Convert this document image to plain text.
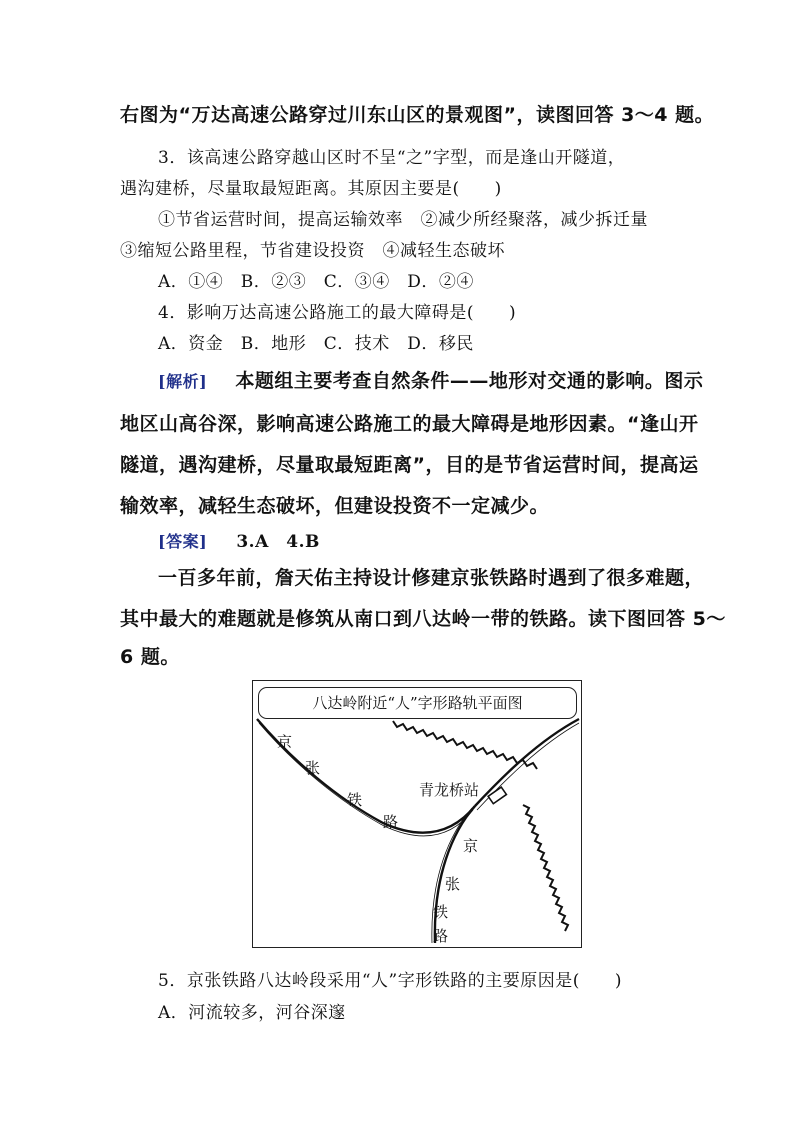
右图为“万达高速公路穿过川东山区的景观图”，读图回答 3～4 题。
3．该高速公路穿越山区时不呈“之”字型，而是逢山开隧道，
遇沟建桥，尽量取最短距离。其原因主要是(　　)
①节省运营时间，提高运输效率　②减少所经聚落，减少拆迁量
③缩短公路里程，节省建设投资　④减轻生态破坏
A．①④　B．②③　C．③④　D．②④
4．影响万达高速公路施工的最大障碍是(　　)
A．资金　B．地形　C．技术　D．移民
[解析] 本题组主要考查自然条件——地形对交通的影响。图示
地区山高谷深，影响高速公路施工的最大障碍是地形因素。“逢山开
隧道，遇沟建桥，尽量取最短距离”，目的是节省运营时间，提高运
输效率，减轻生态破坏，但建设投资不一定减少。
[答案] 3.A　4.B
一百多年前，詹天佑主持设计修建京张铁路时遇到了很多难题，
其中最大的难题就是修筑从南口到八达岭一带的铁路。读下图回答 5～
6 题。
八达岭附近“人”字形路轨平面图
青龙桥站
京
张
铁
路
京
张
铁
路
5．京张铁路八达岭段采用“人”字形铁路的主要原因是(　　)
A．河流较多，河谷深邃
